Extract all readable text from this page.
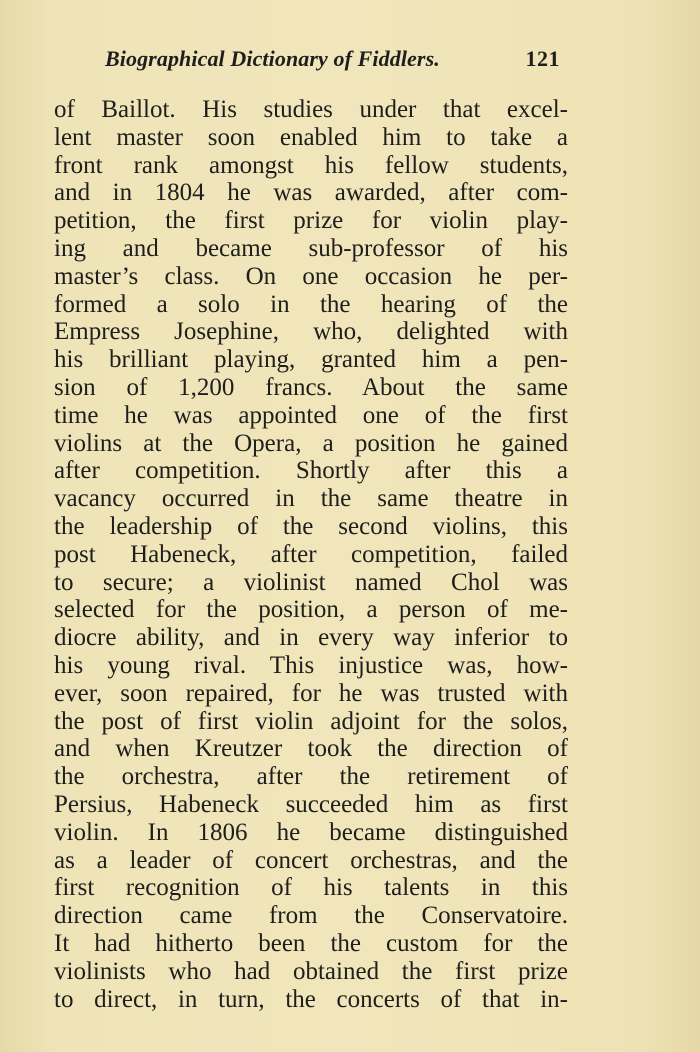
Biographical Dictionary of Fiddlers.	121
of Baillot. His studies under that excel-
lent master soon enabled him to take a
front rank amongst his fellow students,
and in 1804 he was awarded, after com-
petition, the first prize for violin play-
ing and became sub-professor of his
master’s class. On one occasion he per-
formed a solo in the hearing of the
Empress Josephine, who, delighted with
his brilliant playing, granted him a pen-
sion of 1,200 francs. About the same
time he was appointed one of the first
violins at the Opera, a position he gained
after competition. Shortly after this a
vacancy occurred in the same theatre in
the leadership of the second violins, this
post Habeneck, after competition, failed
to secure; a violinist named Chol was
selected for the position, a person of me-
diocre ability, and in every way inferior to
his young rival. This injustice was, how-
ever, soon repaired, for he was trusted with
the post of first violin adjoint for the solos,
and when Kreutzer took the direction of
the orchestra, after the retirement of
Persius, Habeneck succeeded him as first
violin. In 1806 he became distinguished
as a leader of concert orchestras, and the
first recognition of his talents in this
direction came from the Conservatoire.
It had hitherto been the custom for the
violinists who had obtained the first prize
to direct, in turn, the concerts of that in-
